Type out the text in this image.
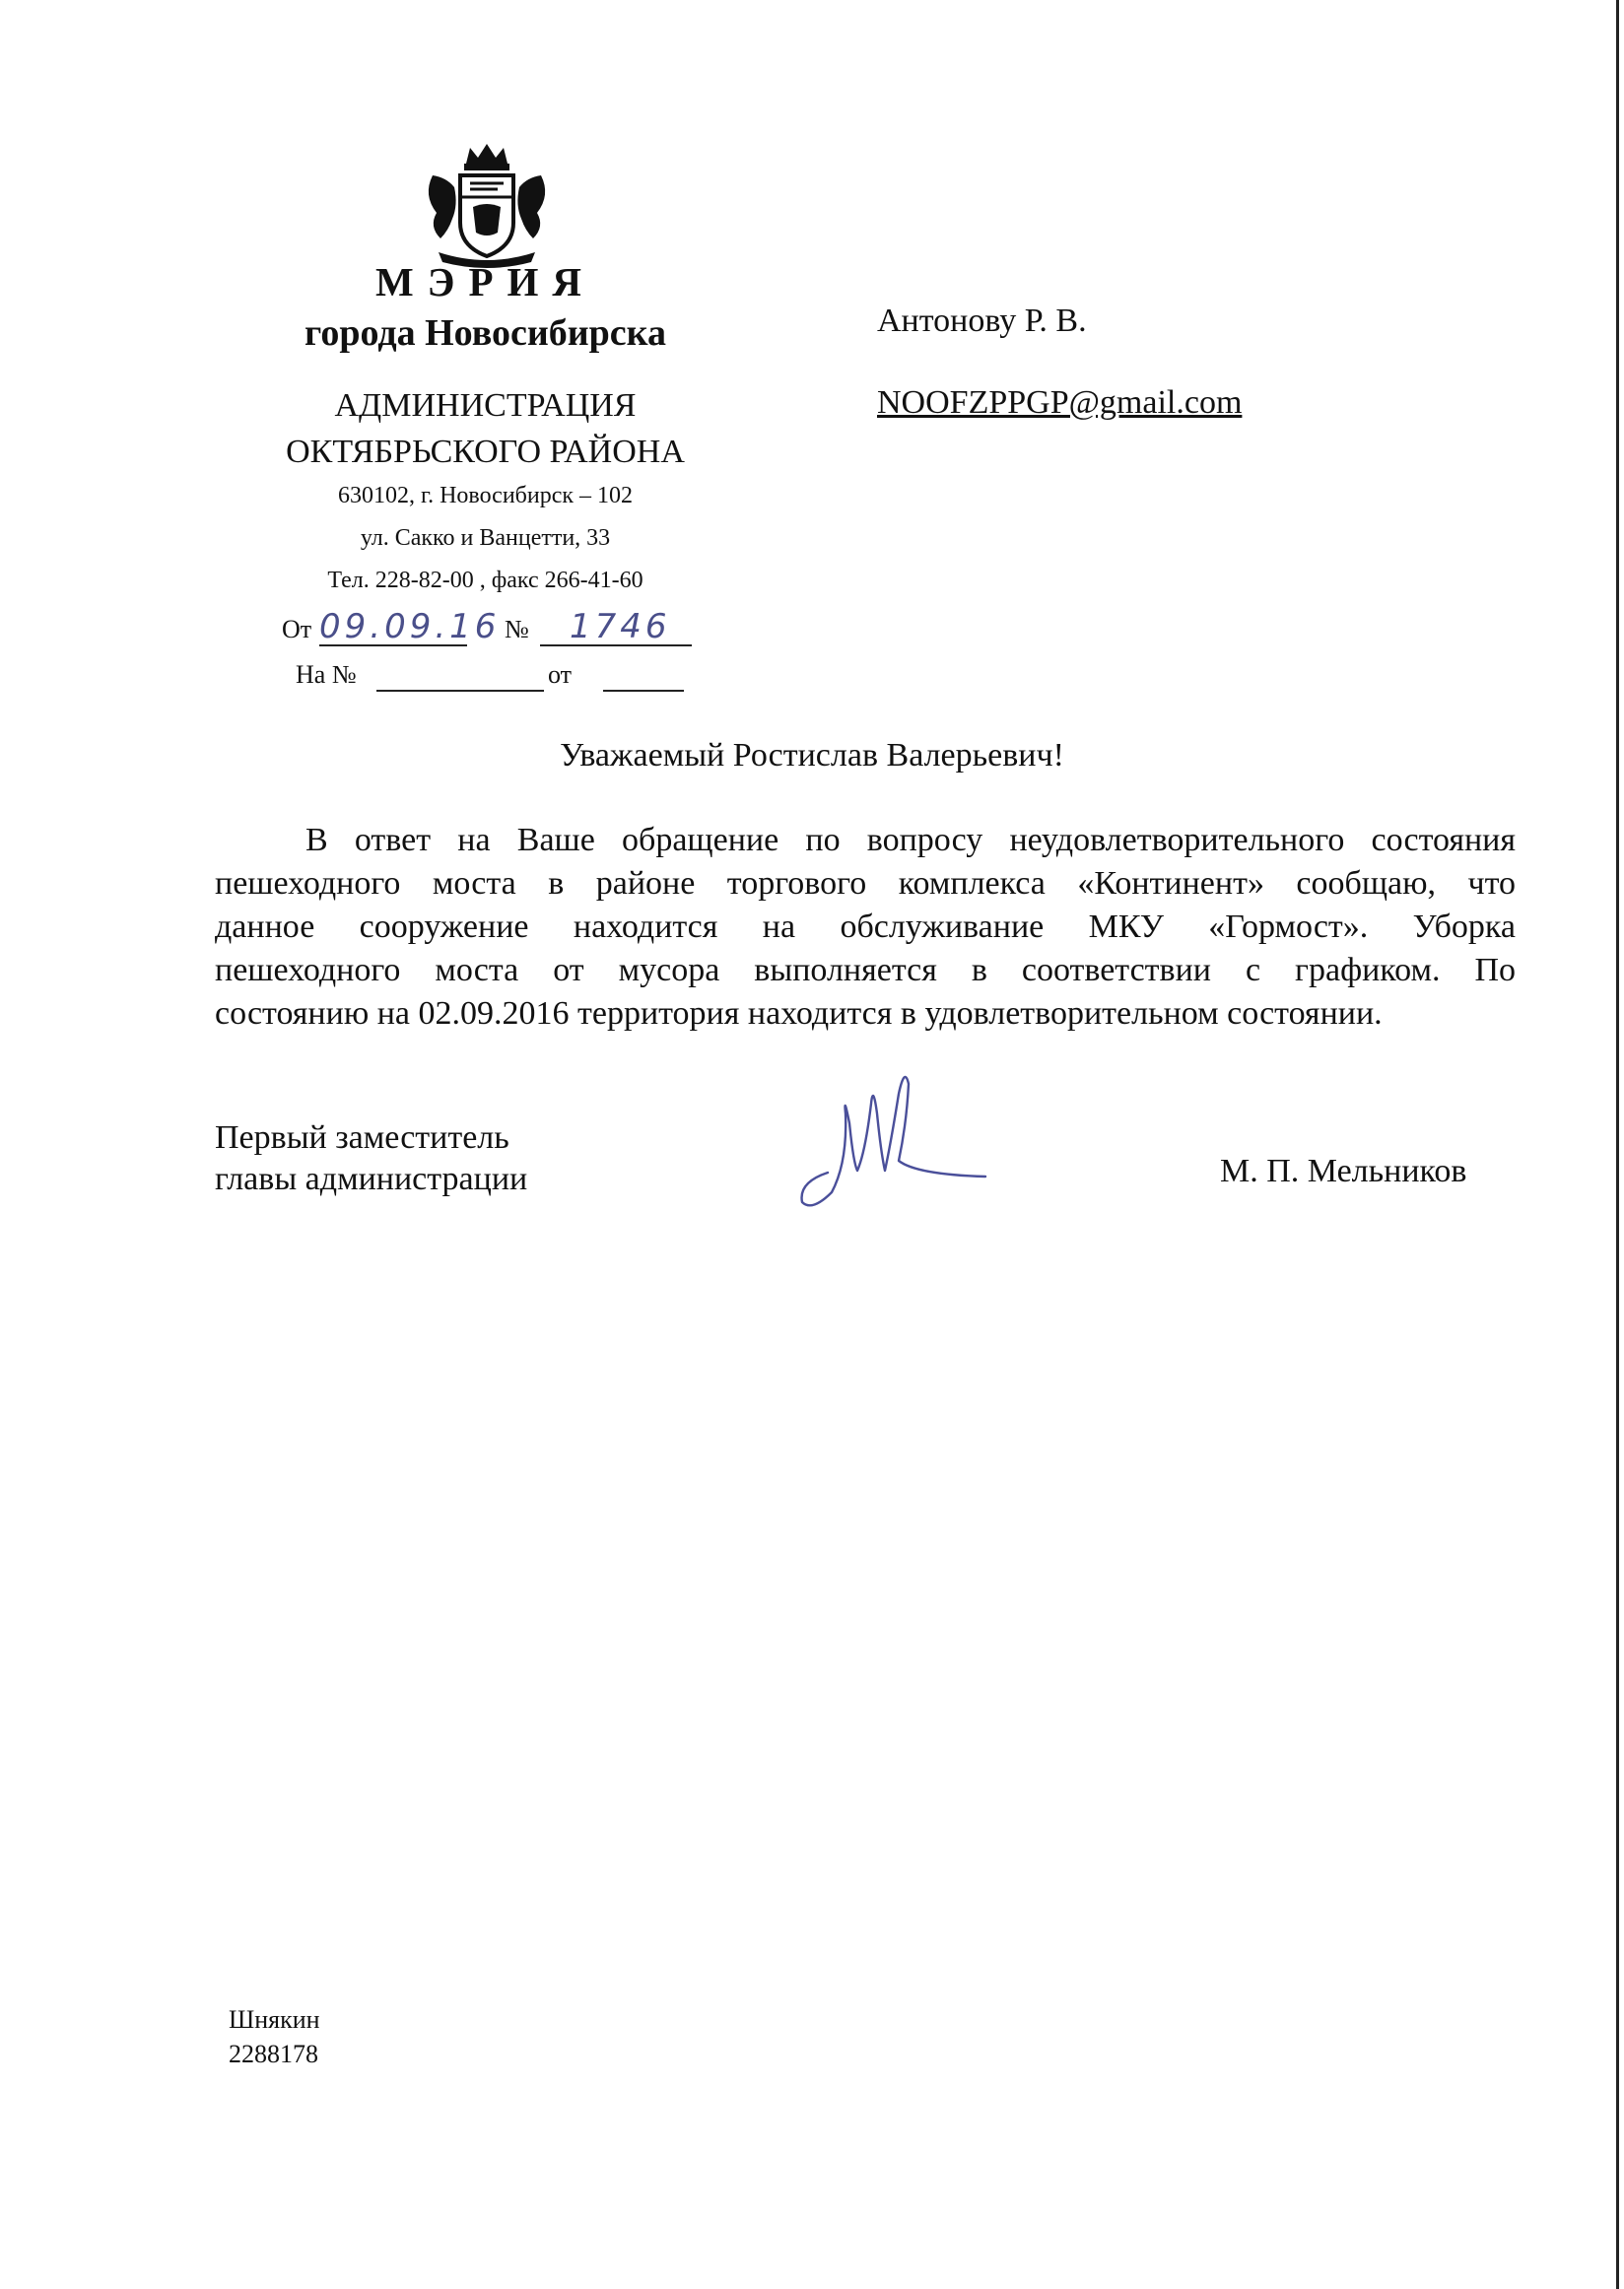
МЭРИЯ
города Новосибирска
АДМИНИСТРАЦИЯ
ОКТЯБРЬСКОГО РАЙОНА
630102, г. Новосибирск – 102
ул. Сакко и Ванцетти, 33
Тел. 228-82-00 , факс 266-41-60
От 09.09.16 № 1746
На №	от
Антонову Р. В.
NOOFZPPGP@gmail.com
Уважаемый Ростислав Валерьевич!
В ответ на Ваше обращение по вопросу неудовлетворительного состояния
пешеходного моста в районе торгового комплекса «Континент» сообщаю, что
данное сооружение находится на обслуживание МКУ «Гормост». Уборка
пешеходного моста от мусора выполняется в соответствии с графиком. По
состоянию на 02.09.2016 территория находится в удовлетворительном состоянии.
Первый заместитель
главы администрации	М. П. Мельников
Шнякин
2288178
